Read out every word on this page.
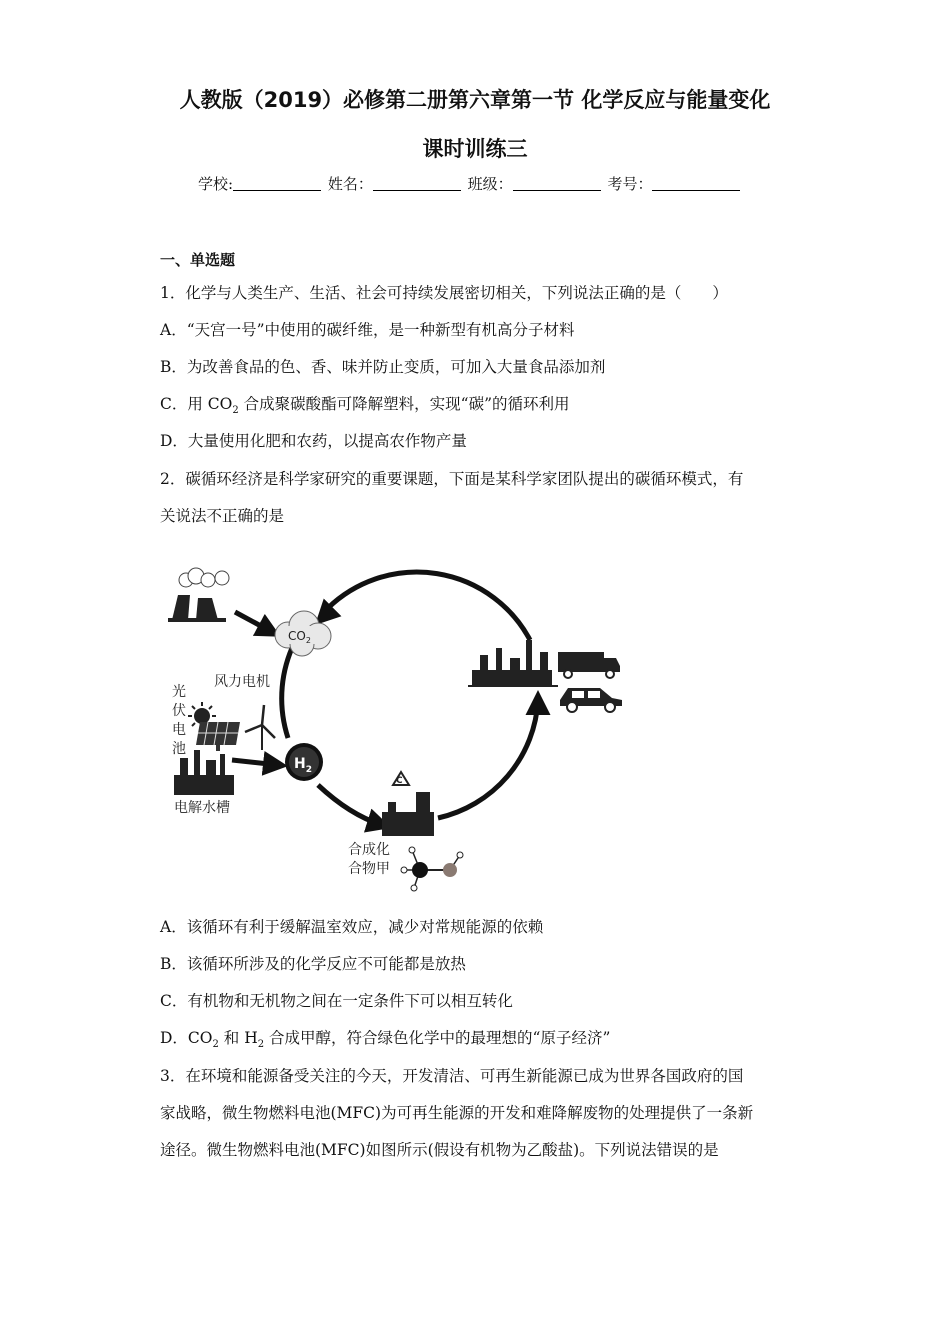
人教版（2019）必修第二册第六章第一节 化学反应与能量变化
课时训练三
学校:	姓名：	班级：	考号：
一、单选题
1．化学与人类生产、生活、社会可持续发展密切相关，下列说法正确的是（　　）
A．“天宫一号”中使用的碳纤维，是一种新型有机高分子材料
B．为改善食品的色、香、味并防止变质，可加入大量食品添加剂
C．用 $CO_2$ 合成聚碳酸酯可降解塑料，实现“碳”的循环利用
D．大量使用化肥和农药，以提高农作物产量
2．碳循环经济是科学家研究的重要课题，下面是某科学家团队提出的碳循环模式，有
关说法不正确的是
$CO_2$
风力电机
光 伏 电 池
电解水槽
$H_2$
C
合成化 合物甲
A．该循环有利于缓解温室效应，减少对常规能源的依赖
B．该循环所涉及的化学反应不可能都是放热
C．有机物和无机物之间在一定条件下可以相互转化
D．$CO_2$ 和 $H_2$ 合成甲醇，符合绿色化学中的最理想的“原子经济”
3．在环境和能源备受关注的今天，开发清洁、可再生新能源已成为世界各国政府的国
家战略，微生物燃料电池(MFC)为可再生能源的开发和难降解废物的处理提供了一条新
途径。微生物燃料电池(MFC)如图所示(假设有机物为乙酸盐)。下列说法错误的是
